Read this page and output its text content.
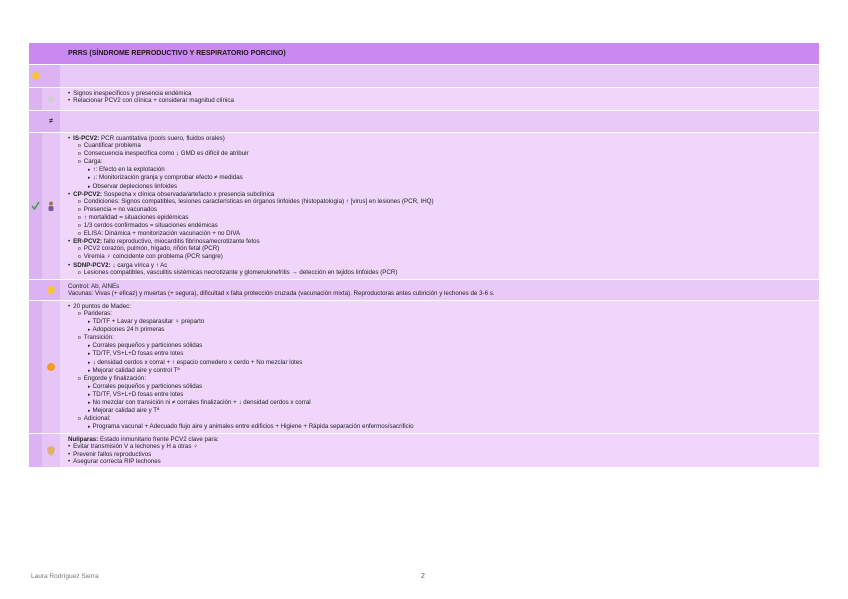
PRRS (SÍNDROME REPRODUCTIVO Y RESPIRATORIO PORCINO)
• Signos inespecíficos y presencia endémica
• Relacionar PCV2 con clínica + considerar magnitud clínica
≠
• IS-PCV2: PCR cuantitativa (pools suero, fluidos orales)
o Cuantificar problema
o Consecuencia inespecífica como ↓ GMD es difícil de atribuir
o Carga:
▸ ↑: Efecto en la explotación
▸ ↓: Monitorización granja y comprobar efecto ≠ medidas
▸ Observar depleciones linfoides
• CP-PCV2: Sospecha x clínica observada/artefacto x presencia subclínica
o Condiciones: Signos compatibles, lesiones características en órganos linfoides (histopatología) ↑ [virus] en lesiones (PCR, IHQ)
o Presencia = no vacunados
o ↑ mortalidad = situaciones epidémicas
o 1/3 cerdos confirmados = situaciones endémicas
o ELISA: Dinámica + monitorización vacunación + no DIVA
• ER-PCV2: fallo reproductivo, miocarditis fibrinosa/necrotizante fetos
o PCV2 corazón, pulmón, hígado, riñón fetal (PCR)
o Viremia ♀ coincidente con problema (PCR sangre)
• SDNP-PCV2: ↓ carga vírica y ↑ Ac
o Lesiones compatibles, vasculitis sistémicas necrotizante y glomerulonefritis → detección en tejidos linfoides (PCR)
Control: Ab, AINEs
Vacunas: Vivas (+ eficaz) y muertas (+ segura), dificultad x falta protección cruzada (vacunación mixta). Reproductoras antes cubrición y lechones de 3-6 s.
• 20 puntos de Madec:
o Parideras:
▸ TD/TF + Lavar y desparasitar ♀ preparto
▸ Adopciones 24 h primeras
o Transición:
▸ Corrales pequeños y particiones sólidas
▸ TD/TF, VS+L+D fosas entre lotes
▸ ↓ densidad cerdos x corral + ↑ espacio comedero x cerdo + No mezclar lotes
▸ Mejorar calidad aire y control Tª
o Engorde y finalización:
▸ Corrales pequeños y particiones sólidas
▸ TD/TF, VS+L+D fosas entre lotes
▸ No mezclar con transición ni ≠ corrales finalización + ↓ densidad cerdos x corral
▸ Mejorar calidad aire y Tª
o Adicional:
▸ Programa vacunal + Adecuado flujo aire y animales entre edificios + Higiene + Rápida separación enfermos/sacrificio
Nulíparas: Estado inmunitario frente PCV2 clave para:
• Evitar transmisión V a lechones y H a otras ♀
• Prevenir fallos reproductivos
• Asegurar correcta RIP lechones
Laura Rodríguez Sierra	2
